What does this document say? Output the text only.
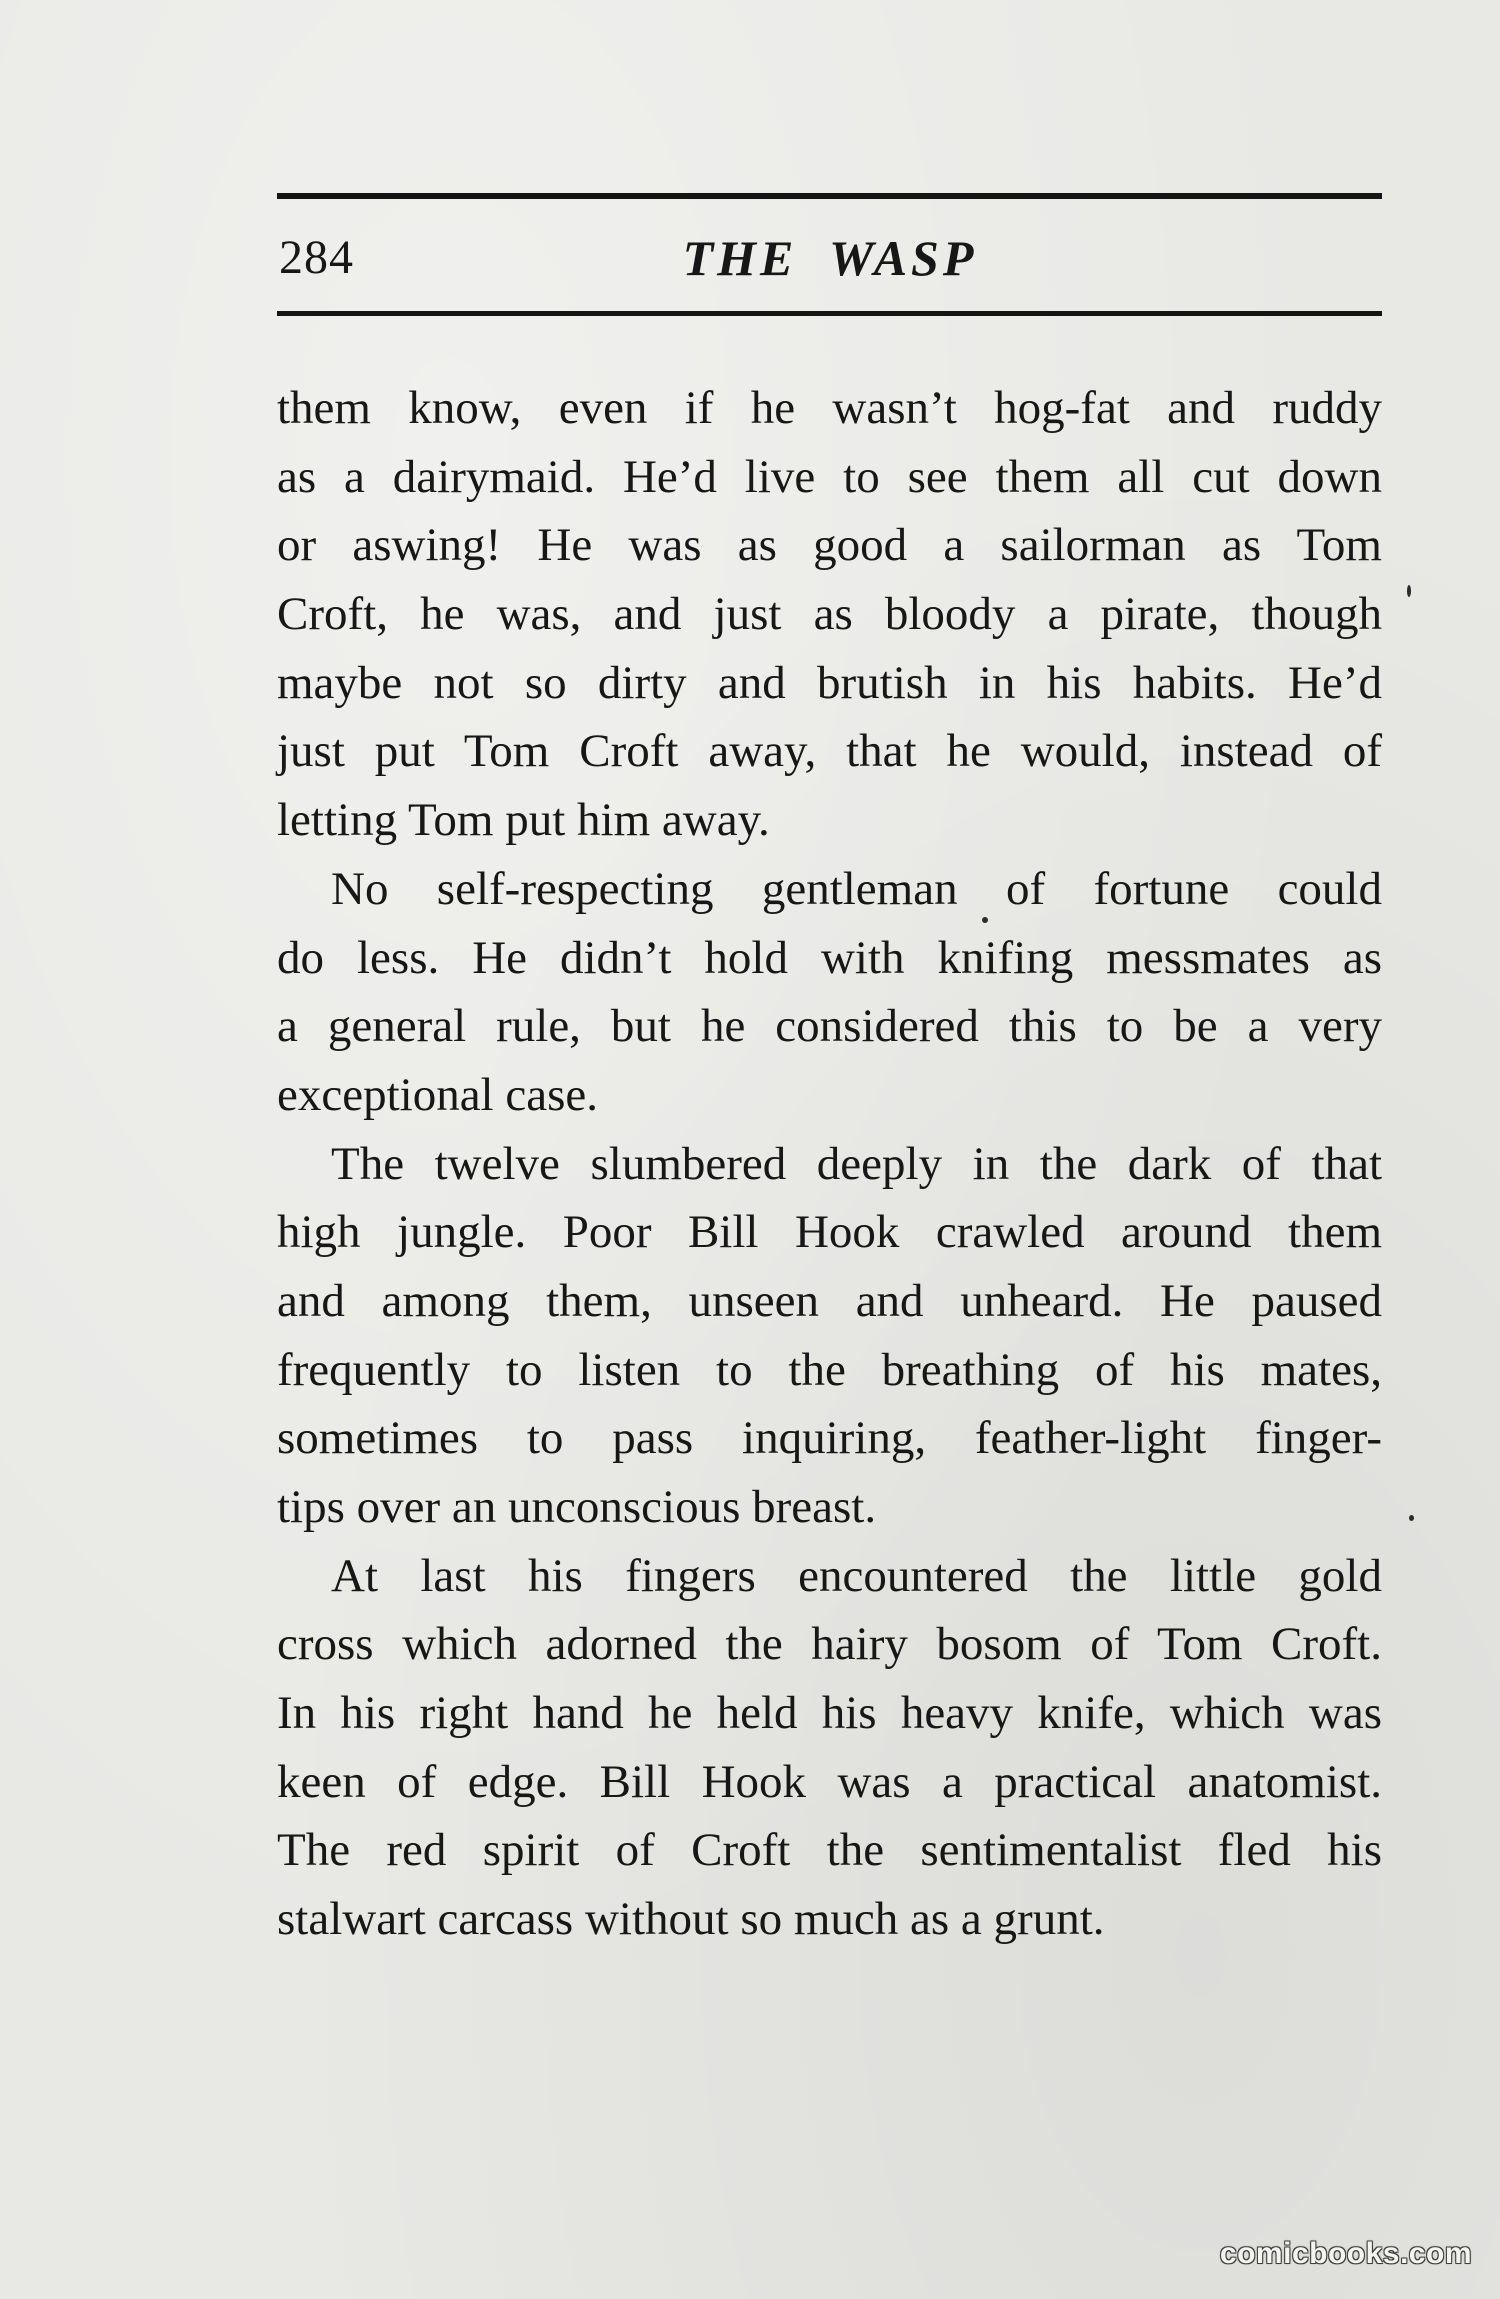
284	THE WASP
them know, even if he wasn’t hog-fat and ruddy
as a dairymaid. He’d live to see them all cut down
or aswing! He was as good a sailorman as Tom
Croft, he was, and just as bloody a pirate, though
maybe not so dirty and brutish in his habits. He’d
just put Tom Croft away, that he would, instead of
letting Tom put him away.
No self-respecting gentleman of fortune could
do less. He didn’t hold with knifing messmates as
a general rule, but he considered this to be a very
exceptional case.
The twelve slumbered deeply in the dark of that
high jungle. Poor Bill Hook crawled around them
and among them, unseen and unheard. He paused
frequently to listen to the breathing of his mates,
sometimes to pass inquiring, feather-light finger-
tips over an unconscious breast.
At last his fingers encountered the little gold
cross which adorned the hairy bosom of Tom Croft.
In his right hand he held his heavy knife, which was
keen of edge. Bill Hook was a practical anatomist.
The red spirit of Croft the sentimentalist fled his
stalwart carcass without so much as a grunt.
comicbooks.com
